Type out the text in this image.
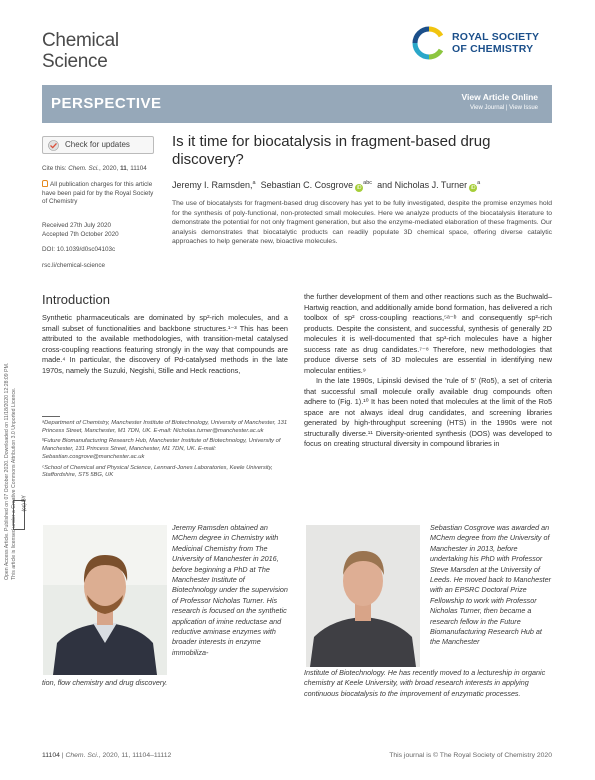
Open Access Article. Published on 07 October 2020. Downloaded on 11/18/2020 12:28:09 PM. This article is licensed under a Creative Commons Attribution 3.0 Unported Licence. (cc) BY
Chemical
Science
ROYAL SOCIETY
OF CHEMISTRY
PERSPECTIVE	View Article Online
View Journal | View Issue
Check for updates
Cite this: Chem. Sci., 2020, 11, 11104
All publication charges for this article have been paid for by the Royal Society of Chemistry
Received 27th July 2020
Accepted 7th October 2020
DOI: 10.1039/d0sc04103c
rsc.li/chemical-science
Is it time for biocatalysis in fragment-based drug discovery?
Jeremy I. Ramsden,$^a$ Sebastian C. Cosgrove $iD^{abc}$ and Nicholas J. Turner $iD^a$
The use of biocatalysts for fragment-based drug discovery has yet to be fully investigated, despite the promise enzymes hold for the synthesis of poly-functional, non-protected small molecules. Here we analyze products of the biocatalysis literature to demonstrate the potential for not only fragment generation, but also the enzyme-mediated elaboration of these fragments. Our analysis demonstrates that biocatalytic products can readily populate 3D chemical space, offering diverse catalytic approaches to help generate new, bioactive molecules.
Introduction

Synthetic pharmaceuticals are dominated by sp²-rich molecules, and a small subset of functionalities and backbone structures.¹⁻³ This has been attributed to the available methodologies, with transition-metal catalysed cross-coupling reactions featuring strongly in the way that compounds are made.⁴ In particular, the discovery of Pd-catalysed methods in the late 1970s, namely the Suzuki, Negishi, Stille and Heck reactions,

the further development of them and other reactions such as the Buchwald–Hartwig reaction, and additionally amide bond formation, has delivered a rich toolbox of sp² cross-coupling reactions,⁵ᵃ⁻ᵇ and consequently sp²-rich products. Despite the consistent, and successful, synthesis of generally 2D molecules it is well-documented that sp³-rich molecules have a higher success rate as drug candidates.⁷⁻⁸ Therefore, new methodologies that produce diverse sets of 3D molecules are essential in identifying new molecular entities.⁹

In the late 1990s, Lipinski devised the 'rule of 5' (Ro5), a set of criteria that successful small molecule orally available drug compounds often adhere to (Fig. 1).¹⁰ It has been noted that molecules at the limit of the Ro5 space are not always ideal drug candidates, and screening libraries generated by high-throughput screening (HTS) in the 1990s were not structurally diverse.¹¹ Diversity-oriented synthesis (DOS) was developed to focus on creating structural diversity in compound libraries in

ᵃDepartment of Chemistry, Manchester Institute of Biotechnology, University of Manchester, 131 Princess Street, Manchester, M1 7DN, UK. E-mail: Nicholas.turner@manchester.ac.uk
ᵇFuture Biomanufacturing Research Hub, Manchester Institute of Biotechnology, University of Manchester, 131 Princess Street, Manchester, M1 7DN, UK. E-mail: Sebastian.cosgrove@manchester.ac.uk
ᶜSchool of Chemical and Physical Science, Lennard-Jones Laboratories, Keele University, Staffordshire, ST5 5BG, UK
Jeremy Ramsden obtained an MChem degree in Chemistry with Medicinal Chemistry from The University of Manchester in 2016, before beginning a PhD at The Manchester Institute of Biotechnology under the supervision of Professor Nicholas Turner. His research is focused on the synthetic application of imine reductase and reductive aminase enzymes with broader interests in enzyme immobiliza-
tion, flow chemistry and drug discovery.
Sebastian Cosgrove was awarded an MChem degree from the University of Manchester in 2013, before undertaking his PhD with Professor Steve Marsden at the University of Leeds. He moved back to Manchester with an EPSRC Doctoral Prize Fellowship to work with Professor Nicholas Turner, then became a research fellow in the Future Biomanufacturing Research Hub at the Manchester
Institute of Biotechnology. He has recently moved to a lectureship in organic chemistry at Keele University, with broad research interests in applying continuous biocatalysis to the improvement of enzymatic processes.
11104 | Chem. Sci., 2020, 11, 11104–11112	This journal is © The Royal Society of Chemistry 2020
